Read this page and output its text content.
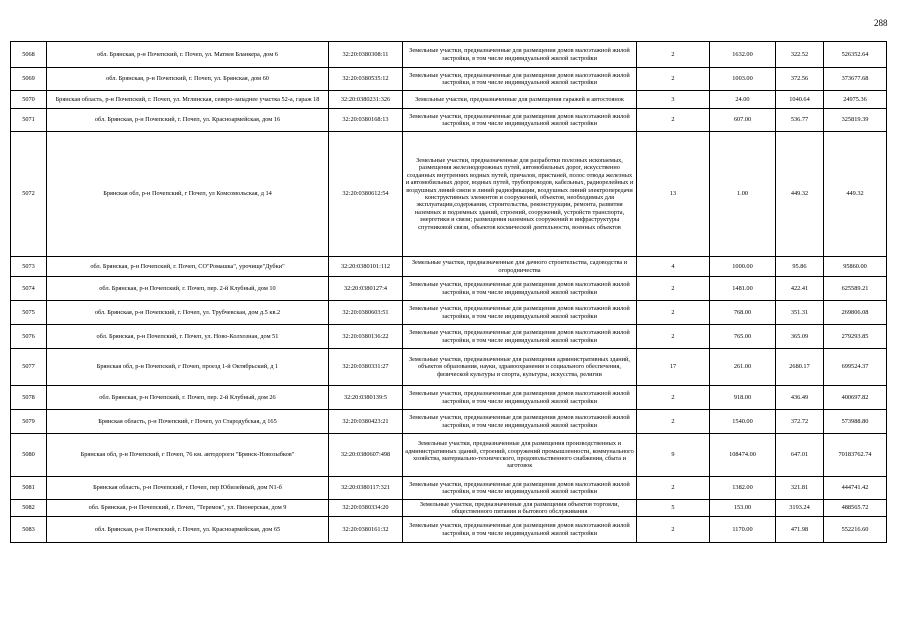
288
5068	обл. Брянская, р-н Почепский, г. Почеп, ул. Матвея Бланкера, дом 6	32:20:0380308:11	Земельные участки, предназначенные для размещения домов малоэтажной жилой застройки, в том числе индивидуальной жилой застройки	2	1632.00	322.52	526352.64
5069	обл. Брянская, р-н Почепский, г. Почеп, ул. Брянская, дом 60	32:20:0380535:12	Земельные участки, предназначенные для размещения домов малоэтажной жилой застройки, в том числе индивидуальной жилой застройки	2	1003.00	372.56	373677.68
5070	Брянская область, р-н Почепский, г. Почеп, ул. Мглинская, северо-западнее участка 52-а, гараж 18	32:20:0380231:326	Земельные участки, предназначенные для размещения гаражей и автостоянок	3	24.00	1040.64	24975.36
5071	обл. Брянская, р-н Почепский, г. Почеп, ул. Красноармейская, дом 16	32:20:0380168:13	Земельные участки, предназначенные для размещения домов малоэтажной жилой застройки, в том числе индивидуальной жилой застройки	2	607.00	536.77	325819.39
5072	Брянская обл, р-н Почепский, г Почеп, ул Комсомольская, д 14	32:20:0380612:54	Земельные участки, предназначенные для разработки полезных ископаемых, размещения железнодорожных путей, автомобильных дорог, искусственно созданных внутренних водных путей, причалов, пристаней, полос отвода железных и автомобильных дорог, водных путей, трубопроводов, кабельных, радиорелейных и воздушных линий связи и линий радиофикации, воздушных линий электропередачи конструктивных элементов и сооружений, объектов, необходимых для эксплуатации,содержания, строительства, реконструкции, ремонта, развития наземных и подземных зданий, строений, сооружений, устройств транспорта, энергетики и связи; размещения наземных сооружений и инфраструктуры спутниковой связи, объектов космической деятельности, военных объектов	13	1.00	449.32	449.32
5073	обл. Брянская, р-н Почепский, г. Почеп, СО"Ромашка", урочище"Дубки"	32:20:0380101:112	Земельные участки, предназначенные для дачного строительства, садоводства и огородничества	4	1000.00	95.86	95860.00
5074	обл. Брянская, р-н Почепский, г. Почеп, пер. 2-й Клубный, дом 10	32:20:0380127:4	Земельные участки, предназначенные для размещения домов малоэтажной жилой застройки, в том числе индивидуальной жилой застройки	2	1481.00	422.41	625589.21
5075	обл. Брянская, р-н Почепский, г. Почеп, ул. Трубчевская, дом д.5 кв.2	32:20:0380603:51	Земельные участки, предназначенные для размещения домов малоэтажной жилой застройки, в том числе индивидуальной жилой застройки	2	768.00	351.31	269806.08
5076	обл. Брянская, р-н Почепский, г. Почеп, ул. Ново-Колхозная, дом 51	32:20:0380136:22	Земельные участки, предназначенные для размещения домов малоэтажной жилой застройки, в том числе индивидуальной жилой застройки	2	765.00	365.09	279293.85
5077	Брянская обл, р-н Почепский, г Почеп, проезд 1-й Октябрьский, д 1	32:20:0380331:27	Земельные участки, предназначенные для размещения административных зданий, объектов образования, науки, здравоохранения и социального обеспечения, физической культуры и спорта, культуры, искусства, религии	17	261.00	2680.17	699524.37
5078	обл. Брянская, р-н Почепский, г. Почеп, пер. 2-й Клубный, дом 26	32:20:0380139:5	Земельные участки, предназначенные для размещения домов малоэтажной жилой застройки, в том числе индивидуальной жилой застройки	2	918.00	436.49	400697.82
5079	Брянская область, р-н Почепский, г Почеп, ул Стародубская, д 165	32:20:0380423:21	Земельные участки, предназначенные для размещения домов малоэтажной жилой застройки, в том числе индивидуальной жилой застройки	2	1540.00	372.72	573988.80
5080	Брянская обл, р-н Почепский, г Почеп, 76 км. автодороги "Брянск-Новозыбков"	32:20:0380607:498	Земельные участки, предназначенные для размещения производственных и административных зданий, строений, сооружений промышленности, коммунального хозяйства, материально-технического, продовольственного снабжения, сбыта и заготовок	9	108474.00	647.01	70183762.74
5081	Брянская область, р-н Почепский, г Почеп, пер Юбилейный, дом N1-б	32:20:0380117:321	Земельные участки, предназначенные для размещения домов малоэтажной жилой застройки, в том числе индивидуальной жилой застройки	2	1382.00	321.81	444741.42
5082	обл. Брянская, р-н Почепский, г. Почеп, "Теремок", ул. Пионерская, дом 9	32:20:0380334:20	Земельные участки, предназначенные для размещения объектов торговли, общественного питания и бытового обслуживания	5	153.00	3193.24	488565.72
5083	обл. Брянская, р-н Почепский, г. Почеп, ул. Красноармейская, дом 65	32:20:0380161:32	Земельные участки, предназначенные для размещения домов малоэтажной жилой застройки, в том числе индивидуальной жилой застройки	2	1170.00	471.98	552216.60
